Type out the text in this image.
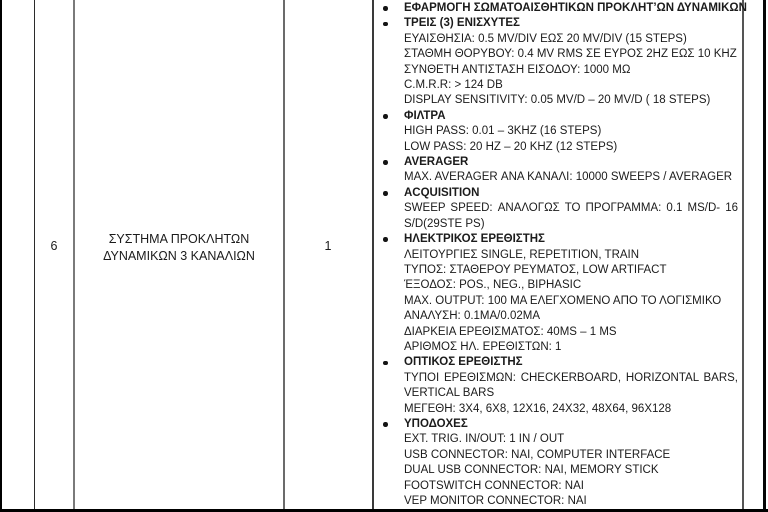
6	ΣΥΣΤΗΜΑ ΠΡΟΚΛΗΤΩΝ
ΔΥΝΑΜΙΚΩΝ 3 ΚΑΝΑΛΙΩΝ
1
ΕΦΑΡΜΟΓΗ ΣΩΜΑΤΟΑΙΣΘΗΤΙΚΩΝ ΠΡΟΚΛΗΤ’ΩΝ ΔΥΝΑΜΙΚΩΝ
ΤΡΕΙΣ (3) ΕΝΙΣΧΥΤΕΣ
ΕΥΑΙΣΘΗΣΙΑ: 0.5 MV/DIV ΕΩΣ 20 MV/DIV (15 STEPS)
ΣΤΑΘΜΗ ΘΟΡΥΒΟΥ: 0.4 MV RMS ΣΕ ΕΥΡΟΣ 2HZ ΕΩΣ 10 KHZ
ΣΥΝΘΕΤΗ ΑΝΤΙΣΤΑΣΗ ΕΙΣΟΔΟΥ: 1000 ΜΩ
C.M.R.R: > 124 DB
DISPLAY SENSITIVITY: 0.05 MV/D – 20 MV/D ( 18 STEPS)
ΦΙΛΤΡΑ
HIGH PASS: 0.01 – 3KHZ (16 STEPS)
LOW PASS: 20 HZ – 20 KHZ (12 STEPS)
AVERAGER
MAX. AVERAGER ΑΝΑ ΚΑΝΑΛΙ: 10000 SWEEPS / AVERAGER
ACQUISITION
SWEEP SPEED: ΑΝΑΛΟΓΩΣ ΤΟ ΠΡΟΓΡΑΜΜΑ: 0.1 MS/D- 16
S/D(29STE PS)
ΗΛΕΚΤΡΙΚΟΣ ΕΡΕΘΙΣΤΗΣ
ΛΕΙΤΟΥΡΓΙΕΣ SINGLE, REPETITION, TRAIN
ΤΥΠΟΣ: ΣΤΑΘΕΡΟΥ ΡΕΥΜΑΤΟΣ, LOW ARTIFACT
ΈΞΟΔΟΣ: POS., NEG., BIPHASIC
MAX. OUTPUT: 100 MA ΕΛΕΓΧΟΜΕΝΟ ΑΠΟ ΤΟ ΛΟΓΙΣΜΙΚΟ
ΑΝΑΛΥΣΗ: 0.1ΜΑ/0.02ΜΑ
ΔΙΑΡΚΕΙΑ ΕΡΕΘΙΣΜΑΤΟΣ: 40MS – 1 MS
ΑΡΙΘΜΟΣ ΗΛ. ΕΡΕΘΙΣΤΩΝ: 1
ΟΠΤΙΚΟΣ ΕΡΕΘΙΣΤΗΣ
ΤΥΠΟΙ ΕΡΕΘΙΣΜΩΝ: CHECKERBOARD, HORIZONTAL BARS,
VERTICAL BARS
ΜΕΓΕΘΗ: 3Χ4, 6Χ8, 12Χ16, 24Χ32, 48Χ64, 96Χ128
ΥΠΟΔΟΧΕΣ
EXT. TRIG. IN/OUT: 1 IN / OUT
USB CONNECTOR: ΝΑΙ, COMPUTER INTERFACE
DUAL USB CONNECTOR: ΝΑΙ, MEMORY STICK
FOOTSWITCH CONNECTOR: ΝΑΙ
VEP MONITOR CONNECTOR: ΝΑΙ
